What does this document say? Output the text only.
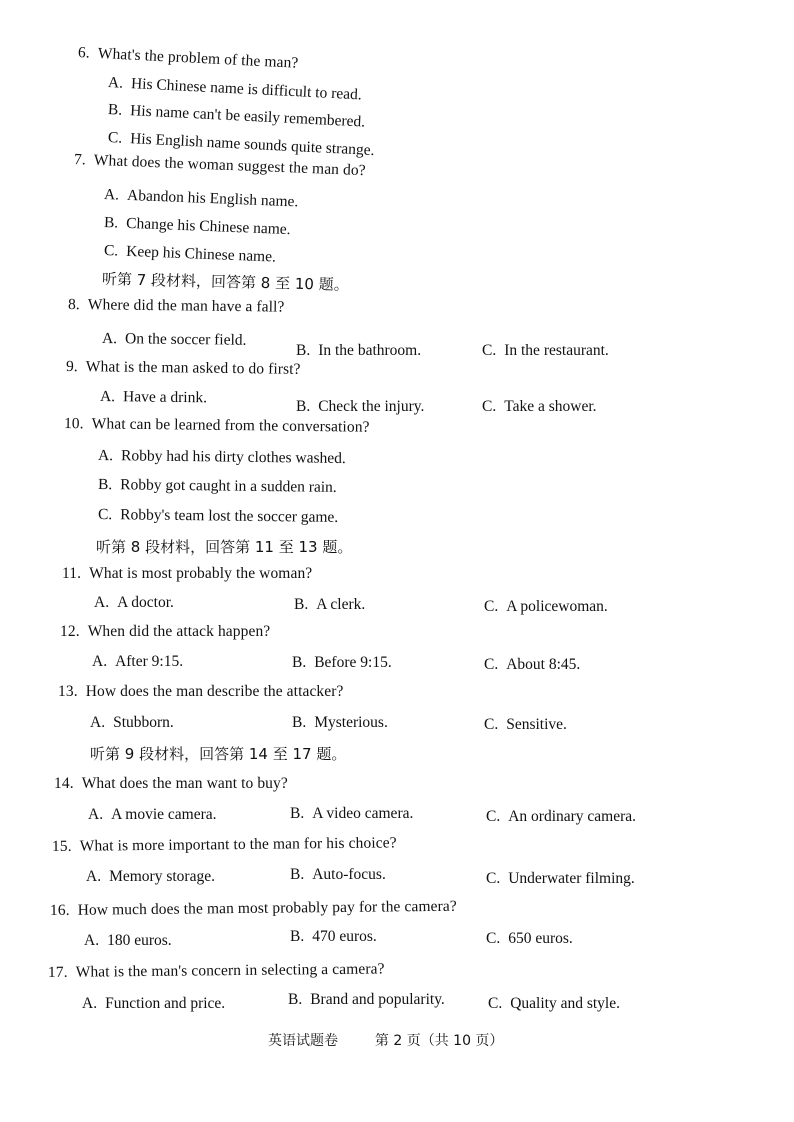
6. What's the problem of the man?
A. His Chinese name is difficult to read.
B. His name can't be easily remembered.
C. His English name sounds quite strange.
7. What does the woman suggest the man do?
A. Abandon his English name.
B. Change his Chinese name.
C. Keep his Chinese name.
听第 7 段材料，回答第 8 至 10 题。
8. Where did the man have a fall?
A. On the soccer field.
B. In the bathroom.	C. In the restaurant.
9. What is the man asked to do first?
A. Have a drink.
B. Check the injury.	C. Take a shower.
10. What can be learned from the conversation?
A. Robby had his dirty clothes washed.
B. Robby got caught in a sudden rain.
C. Robby's team lost the soccer game.
听第 8 段材料，回答第 11 至 13 题。
11. What is most probably the woman?
A. A doctor.	B. A clerk.	C. A policewoman.
12. When did the attack happen?
A. After 9:15.	B. Before 9:15.	C. About 8:45.
13. How does the man describe the attacker?
A. Stubborn.	B. Mysterious.	C. Sensitive.
听第 9 段材料，回答第 14 至 17 题。
14. What does the man want to buy?
A. A movie camera.	B. A video camera.	C. An ordinary camera.
15. What is more important to the man for his choice?
A. Memory storage.	B. Auto-focus.	C. Underwater filming.
16. How much does the man most probably pay for the camera?
A. 180 euros.	B. 470 euros.	C. 650 euros.
17. What is the man's concern in selecting a camera?
A. Function and price.	B. Brand and popularity.	C. Quality and style.
英语试题卷	第 2 页（共 10 页）
